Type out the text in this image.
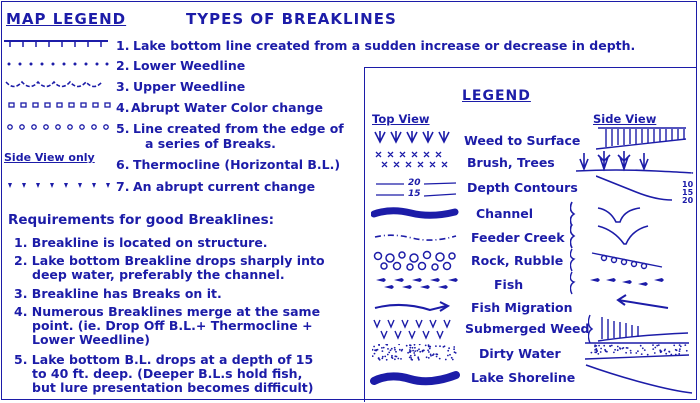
MAP LEGEND	TYPES OF BREAKLINES
Side View only
1. Lake bottom line created from a sudden increase or decrease in depth.
2. Lower Weedline
3. Upper Weedline
4. Abrupt Water Color change
5. Line created from the edge of
a series of Breaks.
6. Thermocline (Horizontal B.L.)
7. An abrupt current change
Requirements for good Breaklines:
1. Breakline is located on structure.
2. Lake bottom Breakline drops sharply into
deep water, preferably the channel.
3. Breakline has Breaks on it.
4. Numerous Breaklines merge at the same
point. (ie. Drop Off B.L.+ Thermocline +
Lower Weedline)
5. Lake bottom B.L. drops at a depth of 15
to 40 ft. deep. (Deeper B.L.s hold fish,
but lure presentation becomes difficult)
LEGEND
Top View	Side View
Weed to Surface
Brush, Trees
Depth Contours
Channel
Feeder Creek
Rock, Rubble
Fish
Fish Migration
Submerged Weed
Dirty Water
Lake Shoreline
20
15
10
15
20
